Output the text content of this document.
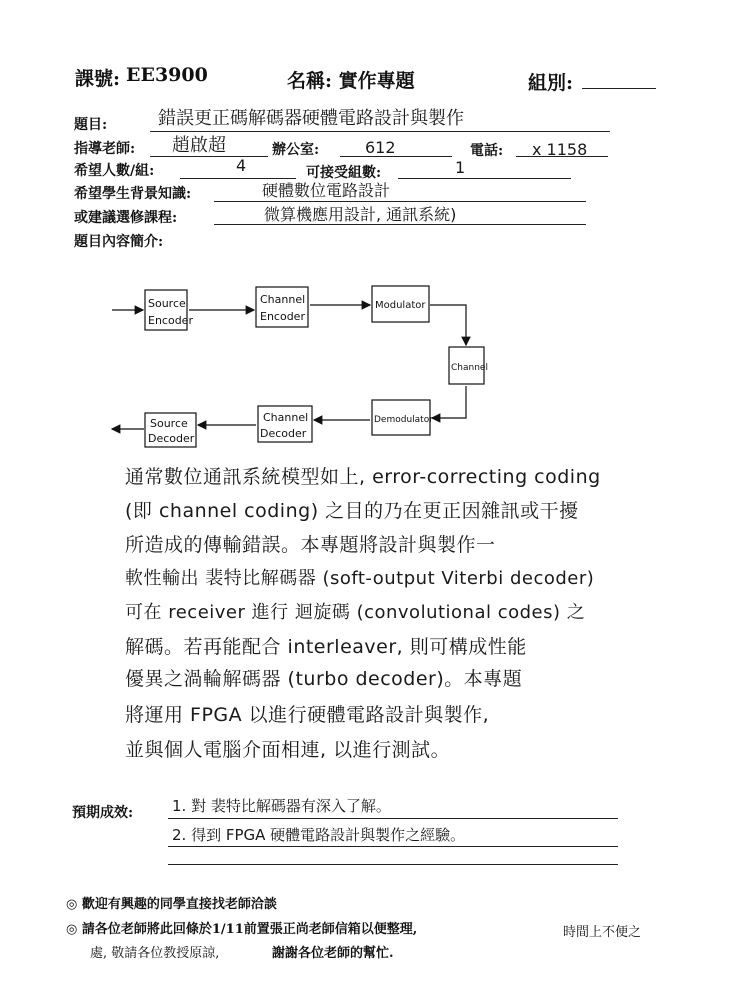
課號: EE3900	名稱: 實作專題	組別:
題目:	錯誤更正碼解碼器硬體電路設計與製作
指導老師: 趙啟超	辦公室:	612	電話: x 1158
希望人數/組:	4	可接受組數:	1
希望學生背景知識:	硬體數位電路設計
或建議選修課程:	微算機應用設計, 通訊系統)
題目內容簡介:
Source
Encoder
Channel
Encoder
Modulator
Channel
Demodulator
Channel
Decoder
Source
Decoder
通常數位通訊系統模型如上, error-correcting coding
(即 channel coding) 之目的乃在更正因雜訊或干擾
所造成的傳輸錯誤。本專題將設計與製作一
軟性輸出 裴特比解碼器 (soft-output Viterbi decoder)
可在 receiver 進行 迴旋碼 (convolutional codes) 之
解碼。若再能配合 interleaver, 則可構成性能
優異之渦輪解碼器 (turbo decoder)。本專題
將運用 FPGA 以進行硬體電路設計與製作,
並與個人電腦介面相連, 以進行測試。
預期成效:	1. 對 裴特比解碼器有深入了解。
2. 得到 FPGA 硬體電路設計與製作之經驗。
◎ 歡迎有興趣的同學直接找老師洽談
◎ 請各位老師將此回條於1/11前置張正尚老師信箱以便整理,	時間上不便之
處, 敬請各位教授原諒,	謝謝各位老師的幫忙.
